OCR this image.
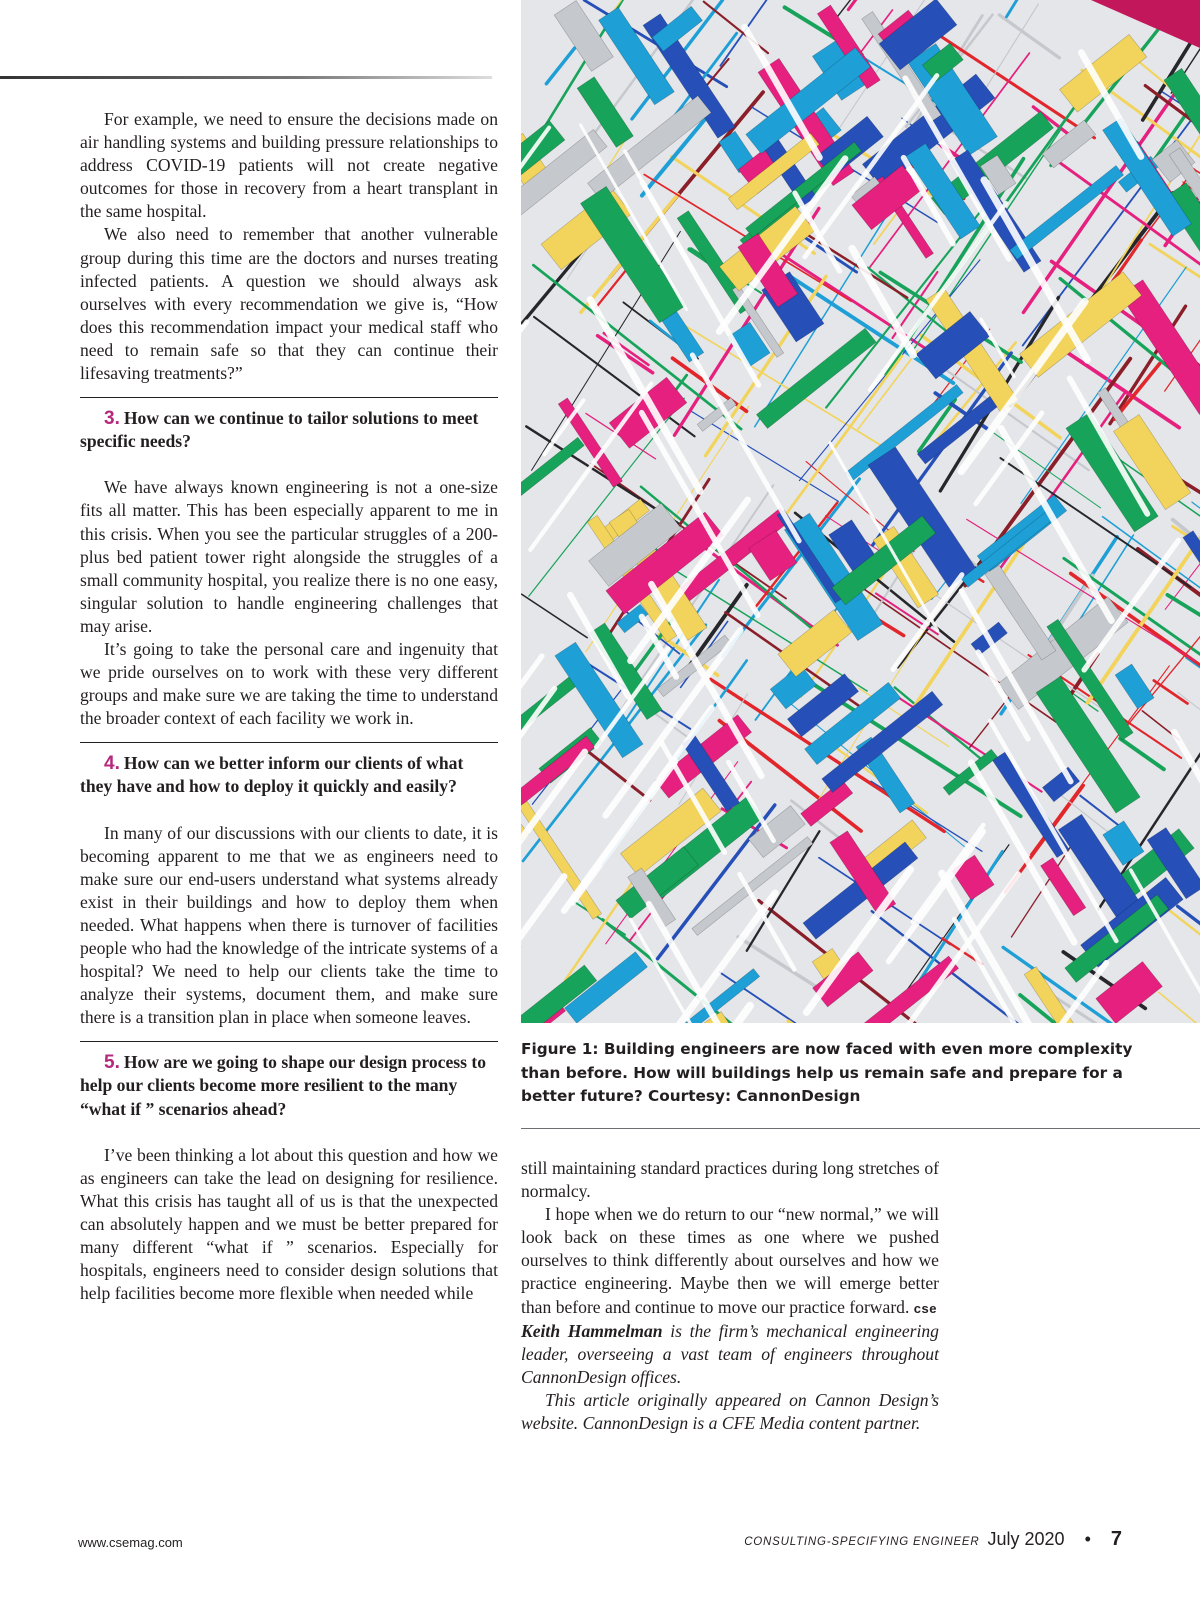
For example, we need to ensure the decisions made on air handling systems and building pressure relationships to address COVID-19 patients will not create negative outcomes for those in recovery from a heart transplant in the same hospital.

We also need to remember that another vulnerable group during this time are the doctors and nurses treating infected patients. A question we should always ask ourselves with every recommendation we give is, “How does this recommendation impact your medical staff who need to remain safe so that they can continue their lifesaving treatments?”

3. How can we continue to tailor solutions to meet specific needs?

We have always known engineering is not a one-size fits all matter. This has been especially apparent to me in this crisis. When you see the particular struggles of a 200-plus bed patient tower right alongside the struggles of a small community hospital, you realize there is no one easy, singular solution to handle engineering challenges that may arise.

It’s going to take the personal care and ingenuity that we pride ourselves on to work with these very different groups and make sure we are taking the time to understand the broader context of each facility we work in.

4. How can we better inform our clients of what they have and how to deploy it quickly and easily?

In many of our discussions with our clients to date, it is becoming apparent to me that we as engineers need to make sure our end-users understand what systems already exist in their buildings and how to deploy them when needed. What happens when there is turnover of facilities people who had the knowledge of the intricate systems of a hospital? We need to help our clients take the time to analyze their systems, document them, and make sure there is a transition plan in place when someone leaves.

5. How are we going to shape our design process to help our clients become more resilient to the many “what if ” scenarios ahead?

I’ve been thinking a lot about this question and how we as engineers can take the lead on designing for resilience. What this crisis has taught all of us is that the unexpected can absolutely happen and we must be better prepared for many different “what if ” scenarios. Especially for hospitals, engineers need to consider design solutions that help facilities become more flexible when needed while

Figure 1: Building engineers are now faced with even more complexity than before. How will buildings help us remain safe and prepare for a better future? Courtesy: CannonDesign

still maintaining standard practices during long stretches of normalcy.

I hope when we do return to our “new normal,” we will look back on these times as one where we pushed ourselves to think differently about ourselves and how we practice engineering. Maybe then we will emerge better than before and continue to move our practice forward. cse

Keith Hammelman is the firm’s mechanical engineering leader, overseeing a vast team of engineers throughout CannonDesign offices.

This article originally appeared on Cannon Design’s website. CannonDesign is a CFE Media content partner.

www.csemag.com	CONSULTING-SPECIFYING ENGINEER July 2020 • 7
